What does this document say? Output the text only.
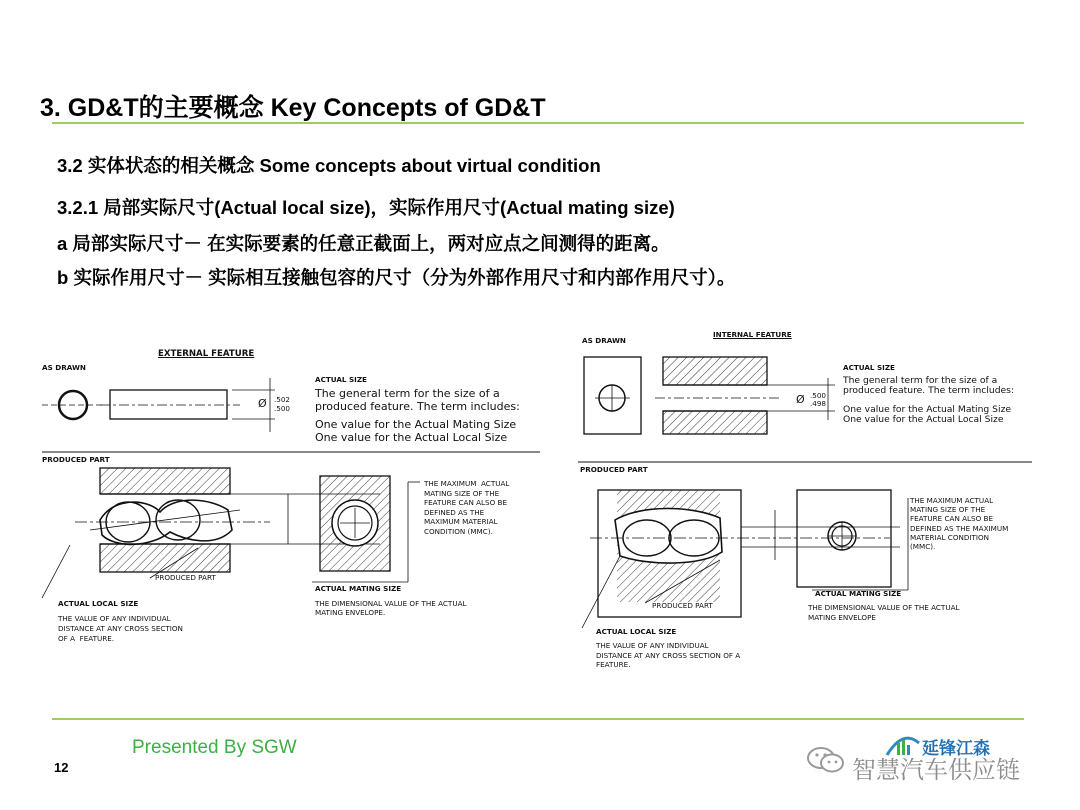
3. GD&T的主要概念 Key Concepts of GD&T
3.2 实体状态的相关概念 Some concepts about virtual condition
3.2.1 局部实际尺寸(Actual local size)，实际作用尺寸(Actual mating size)
a 局部实际尺寸－ 在实际要素的任意正截面上，两对应点之间测得的距离。
b 实际作用尺寸－ 实际相互接触包容的尺寸（分为外部作用尺寸和内部作用尺寸）。
EXTERNAL FEATURE
AS DRAWN
Ø .502
.500
ACTUAL SIZE
The general term for the size of a
produced feature. The term includes:
One value for the Actual Mating Size
One value for the Actual Local Size
PRODUCED PART
THE MAXIMUM  ACTUAL
MATING SIZE OF THE
FEATURE CAN ALSO BE
DEFINED AS THE
MAXIMUM MATERIAL
CONDITION (MMC).
PRODUCED PART
ACTUAL MATING SIZE
THE DIMENSIONAL VALUE OF THE ACTUAL
MATING ENVELOPE.
ACTUAL LOCAL SIZE
THE VALUE OF ANY INDIVIDUAL
DISTANCE AT ANY CROSS SECTION
OF A  FEATURE.
INTERNAL FEATURE
AS DRAWN
Ø .500
.498
ACTUAL SIZE
The general term for the size of a
produced feature. The term includes:
One value for the Actual Mating Size
One value for the Actual Local Size
PRODUCED PART
THE MAXIMUM ACTUAL
MATING SIZE OF THE
FEATURE CAN ALSO BE
DEFINED AS THE MAXIMUM
MATERIAL CONDITION
(MMC).
PRODUCED PART
ACTUAL MATING SIZE
THE DIMENSIONAL VALUE OF THE ACTUAL
MATING ENVELOPE
ACTUAL LOCAL SIZE
THE VALUE OF ANY INDIVIDUAL
DISTANCE AT ANY CROSS SECTION OF A
FEATURE.
Presented By SGW
12
延锋江森
智慧汽车供应链
